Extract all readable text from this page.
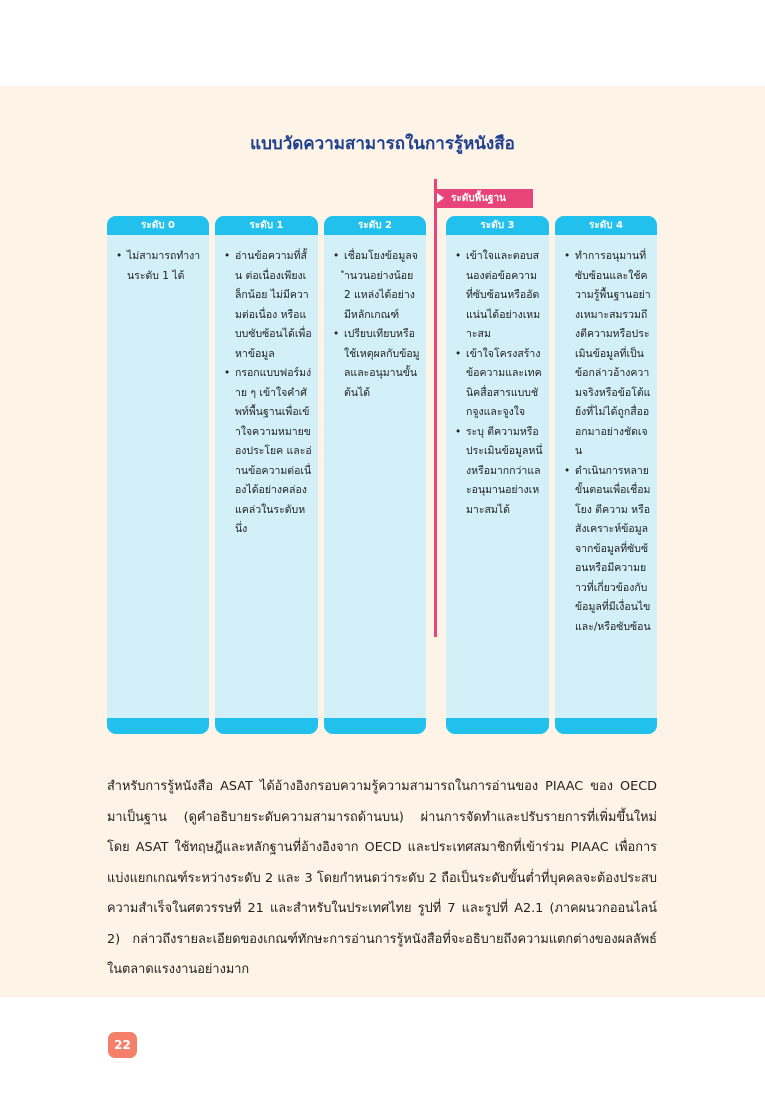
แบบวัดความสามารถในการรู้หนังสือ
ระดับพื้นฐาน
ระดับ 0
• ไม่สามารถทำงานระดับ 1 ได้
ระดับ 1
• อ่านข้อความที่สั้น ต่อเนื่องเพียงเล็กน้อย ไม่มีความต่อเนื่อง หรือแบบซับซ้อนได้เพื่อหาข้อมูล
• กรอกแบบฟอร์มง่าย ๆ เข้าใจคำศัพท์พื้นฐานเพื่อเข้าใจความหมายของประโยค และอ่านข้อความต่อเนื่องได้อย่างคล่องแคล่วในระดับหนึ่ง
ระดับ 2
• เชื่อมโยงข้อมูลจำนวนอย่างน้อย 2 แหล่งได้อย่างมีหลักเกณฑ์
• เปรียบเทียบหรือใช้เหตุผลกับข้อมูลและอนุมานขั้นต้นได้
ระดับ 3
• เข้าใจและตอบสนองต่อข้อความที่ซับซ้อนหรืออัดแน่นได้อย่างเหมาะสม
• เข้าใจโครงสร้างข้อความและเทคนิคสื่อสารแบบชักจูงและจูงใจ
• ระบุ ตีความหรือประเมินข้อมูลหนึ่งหรือมากกว่าและอนุมานอย่างเหมาะสมได้
ระดับ 4
• ทำการอนุมานที่ซับซ้อนและใช้ความรู้พื้นฐานอย่างเหมาะสมรวมถึงตีความหรือประเมินข้อมูลที่เป็นข้อกล่าวอ้างความจริงหรือข้อโต้แย้งที่ไม่ได้ถูกสื่อออกมาอย่างชัดเจน
• ดำเนินการหลายขั้นตอนเพื่อเชื่อมโยง ตีความ หรือสังเคราะห์ข้อมูลจากข้อมูลที่ซับซ้อนหรือมีความยาวที่เกี่ยวข้องกับข้อมูลที่มีเงื่อนไขและ/หรือซับซ้อน

สำหรับการรู้หนังสือ ASAT ได้อ้างอิงกรอบความรู้ความสามารถในการอ่านของ PIAAC ของ OECD มาเป็นฐาน (ดูคำอธิบายระดับความสามารถด้านบน) ผ่านการจัดทำและปรับรายการที่เพิ่มขึ้นใหม่ โดย ASAT ใช้ทฤษฎีและหลักฐานที่อ้างอิงจาก OECD และประเทศสมาชิกที่เข้าร่วม PIAAC เพื่อการแบ่งแยกเกณฑ์ระหว่างระดับ 2 และ 3 โดยกำหนดว่าระดับ 2 ถือเป็นระดับขั้นต่ำที่บุคคลจะต้องประสบความสำเร็จในศตวรรษที่ 21 และสำหรับในประเทศไทย รูปที่ 7 และรูปที่ A2.1 (ภาคผนวกออนไลน์ 2) กล่าวถึงรายละเอียดของเกณฑ์ทักษะการอ่านการรู้หนังสือที่จะอธิบายถึงความแตกต่างของผลลัพธ์ในตลาดแรงงานอย่างมาก

22
